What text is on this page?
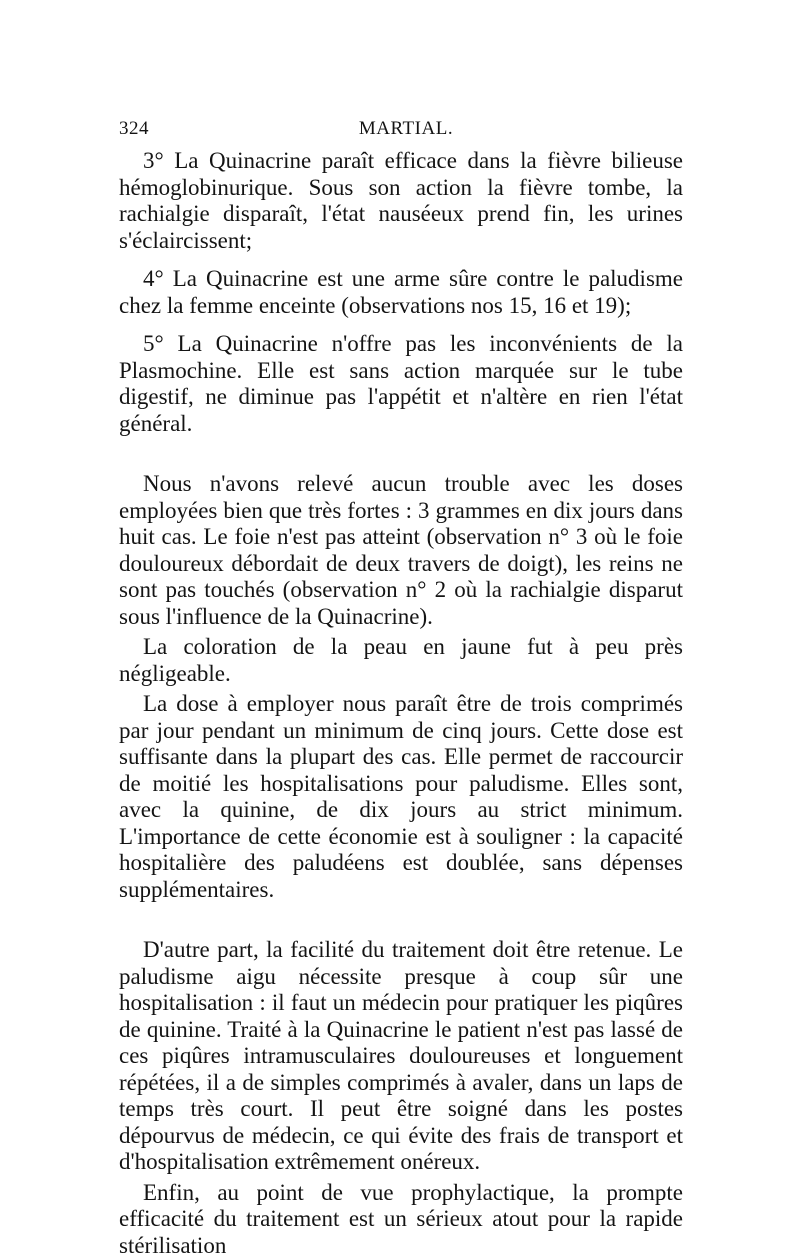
324	MARTIAL.

3° La Quinacrine paraît efficace dans la fièvre bilieuse hémoglobinurique. Sous son action la fièvre tombe, la rachialgie disparaît, l'état nauséeux prend fin, les urines s'éclaircissent;

4° La Quinacrine est une arme sûre contre le paludisme chez la femme enceinte (observations nos 15, 16 et 19);

5° La Quinacrine n'offre pas les inconvénients de la Plasmochine. Elle est sans action marquée sur le tube digestif, ne diminue pas l'appétit et n'altère en rien l'état général.

Nous n'avons relevé aucun trouble avec les doses employées bien que très fortes : 3 grammes en dix jours dans huit cas. Le foie n'est pas atteint (observation n° 3 où le foie douloureux débordait de deux travers de doigt), les reins ne sont pas touchés (observation n° 2 où la rachialgie disparut sous l'influence de la Quinacrine).

La coloration de la peau en jaune fut à peu près négligeable.

La dose à employer nous paraît être de trois comprimés par jour pendant un minimum de cinq jours. Cette dose est suffisante dans la plupart des cas. Elle permet de raccourcir de moitié les hospitalisations pour paludisme. Elles sont, avec la quinine, de dix jours au strict minimum. L'importance de cette économie est à souligner : la capacité hospitalière des paludéens est doublée, sans dépenses supplémentaires.

D'autre part, la facilité du traitement doit être retenue. Le paludisme aigu nécessite presque à coup sûr une hospitalisation : il faut un médecin pour pratiquer les piqûres de quinine. Traité à la Quinacrine le patient n'est pas lassé de ces piqûres intramusculaires douloureuses et longuement répétées, il a de simples comprimés à avaler, dans un laps de temps très court. Il peut être soigné dans les postes dépourvus de médecin, ce qui évite des frais de transport et d'hospitalisation extrêmement onéreux.

Enfin, au point de vue prophylactique, la prompte efficacité du traitement est un sérieux atout pour la rapide stérilisation
